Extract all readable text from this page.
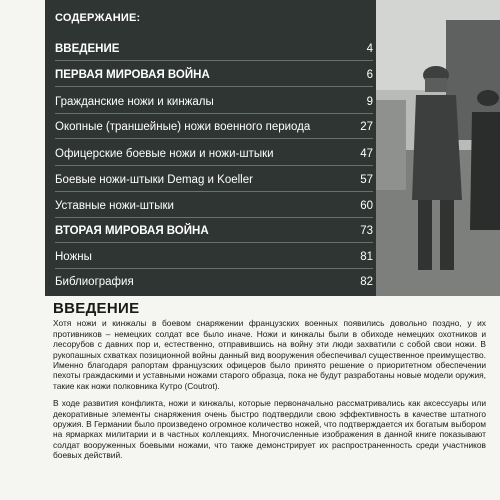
СОДЕРЖАНИЕ:
ВВЕДЕНИЕ	4
ПЕРВАЯ МИРОВАЯ ВОЙНА	6
Гражданские ножи и кинжалы	9
Окопные (траншейные) ножи военного периода	27
Офицерские боевые ножи и ножи-штыки	47
Боевые ножи-штыки Demag и Koeller	57
Уставные ножи-штыки	60
ВТОРАЯ МИРОВАЯ ВОЙНА	73
Ножны	81
Библиография	82
ВВЕДЕНИЕ

Хотя ножи и кинжалы в боевом снаряжении французских военных появились довольно поздно, у их противников – немецких солдат все было иначе. Ножи и кинжалы были в обиходе немецких охотников и лесорубов с давних пор и, естественно, отправившись на войну эти люди захватили с собой свои ножи. В рукопашных схватках позиционной войны данный вид вооружения обеспечивал существенное преимущество. Именно благодаря рапортам французских офицеров было принято решение о приоритетном обеспечении пехоты граждаскими и уставными ножами старого образца, пока не будут разработаны новые модели оружия, такие как ножи полковника Кутро (Coutrot).

В ходе развития конфликта, ножи и кинжалы, которые первоначально рассматривались как аксессуары или декоративные элементы снаряжения очень быстро подтвердили свою эффективность в качестве штатного оружия. В Германии было произведено огромное количество ножей, что подтверждается их богатым выбором на ярмарках милитарии и в частных коллекциях. Многочисленные изображения в данной книге показывают солдат вооруженных боевыми ножами, что также демонстрирует их распространенность среди участников боевых действий.
